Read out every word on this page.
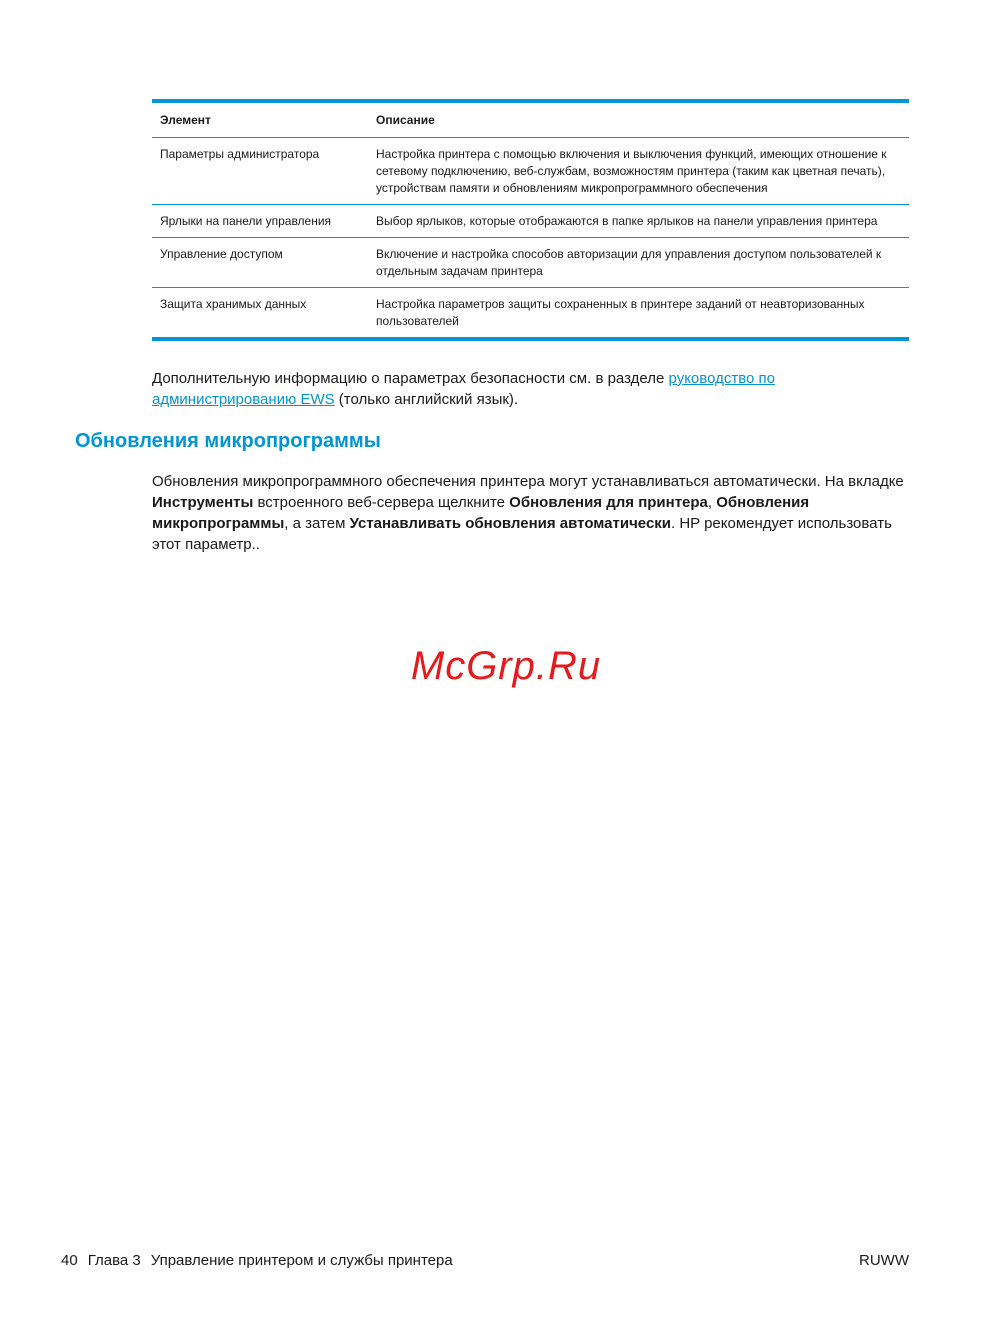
Элемент	Описание
Параметры администратора	Настройка принтера с помощью включения и выключения функций, имеющих отношение к сетевому подключению, веб-службам, возможностям принтера (таким как цветная печать), устройствам памяти и обновлениям микропрограммного обеспечения
Ярлыки на панели управления	Выбор ярлыков, которые отображаются в папке ярлыков на панели управления принтера
Управление доступом	Включение и настройка способов авторизации для управления доступом пользователей к отдельным задачам принтера
Защита хранимых данных	Настройка параметров защиты сохраненных в принтере заданий от неавторизованных пользователей

Дополнительную информацию о параметрах безопасности см. в разделе руководство по администрированию EWS (только английский язык).

Обновления микропрограммы

Обновления микропрограммного обеспечения принтера могут устанавливаться автоматически. На вкладке Инструменты встроенного веб-сервера щелкните Обновления для принтера, Обновления микропрограммы, а затем Устанавливать обновления автоматически. HP рекомендует использовать этот параметр..

McGrp.Ru
40 Глава 3 Управление принтером и службы принтера	RUWW
